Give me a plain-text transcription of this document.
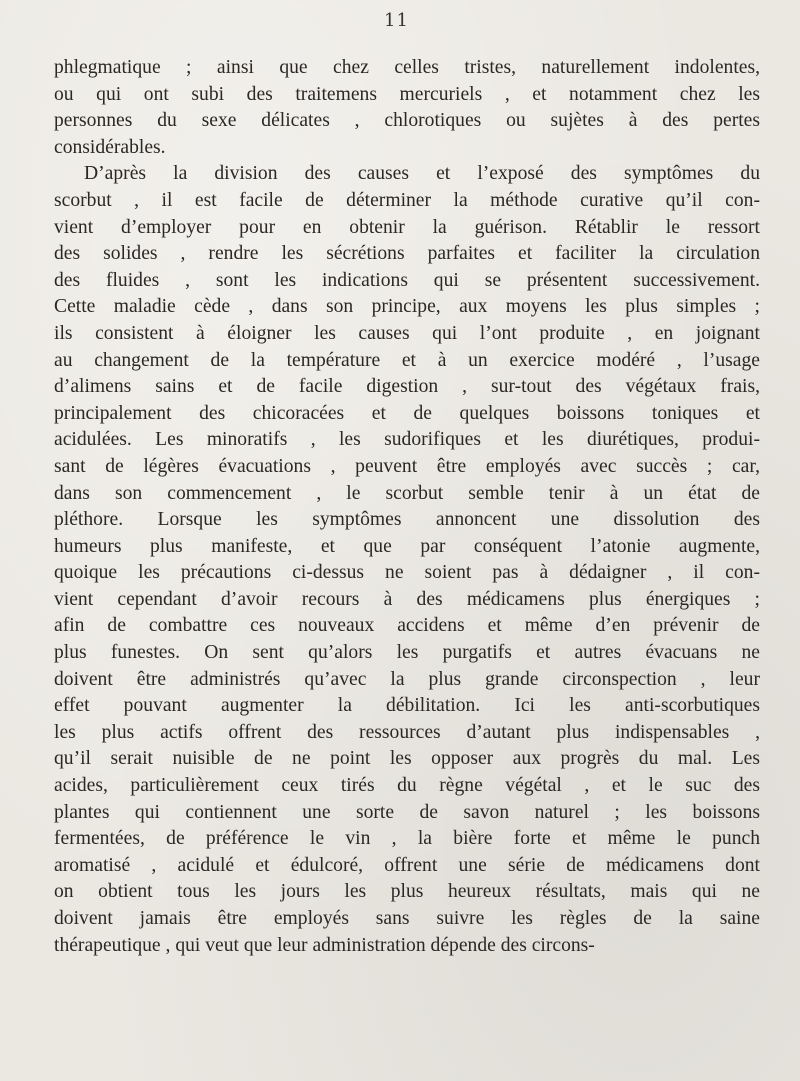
11

phlegmatique ; ainsi que chez celles tristes, naturellement indolentes,
ou qui ont subi des traitemens mercuriels , et notamment chez les
personnes du sexe délicates , chlorotiques ou sujètes à des pertes
considérables.

D’après la division des causes et l’exposé des symptômes du
scorbut , il est facile de déterminer la méthode curative qu’il con-
vient d’employer pour en obtenir la guérison. Rétablir le ressort
des solides , rendre les sécrétions parfaites et faciliter la circulation
des fluides , sont les indications qui se présentent successivement.
Cette maladie cède , dans son principe, aux moyens les plus simples ;
ils consistent à éloigner les causes qui l’ont produite , en joignant
au changement de la température et à un exercice modéré , l’usage
d’alimens sains et de facile digestion , sur-tout des végétaux frais,
principalement des chicoracées et de quelques boissons toniques et
acidulées. Les minoratifs , les sudorifiques et les diurétiques, produi-
sant de légères évacuations , peuvent être employés avec succès ; car,
dans son commencement , le scorbut semble tenir à un état de
pléthore. Lorsque les symptômes annoncent une dissolution des
humeurs plus manifeste, et que par conséquent l’atonie augmente,
quoique les précautions ci-dessus ne soient pas à dédaigner , il con-
vient cependant d’avoir recours à des médicamens plus énergiques ;
afin de combattre ces nouveaux accidens et même d’en prévenir de
plus funestes. On sent qu’alors les purgatifs et autres évacuans ne
doivent être administrés qu’avec la plus grande circonspection , leur
effet pouvant augmenter la débilitation. Ici les anti-scorbutiques
les plus actifs offrent des ressources d’autant plus indispensables ,
qu’il serait nuisible de ne point les opposer aux progrès du mal. Les
acides, particulièrement ceux tirés du règne végétal , et le suc des
plantes qui contiennent une sorte de savon naturel ; les boissons
fermentées, de préférence le vin , la bière forte et même le punch
aromatisé , acidulé et édulcoré, offrent une série de médicamens dont
on obtient tous les jours les plus heureux résultats, mais qui ne
doivent jamais être employés sans suivre les règles de la saine
thérapeutique , qui veut que leur administration dépende des circons-
